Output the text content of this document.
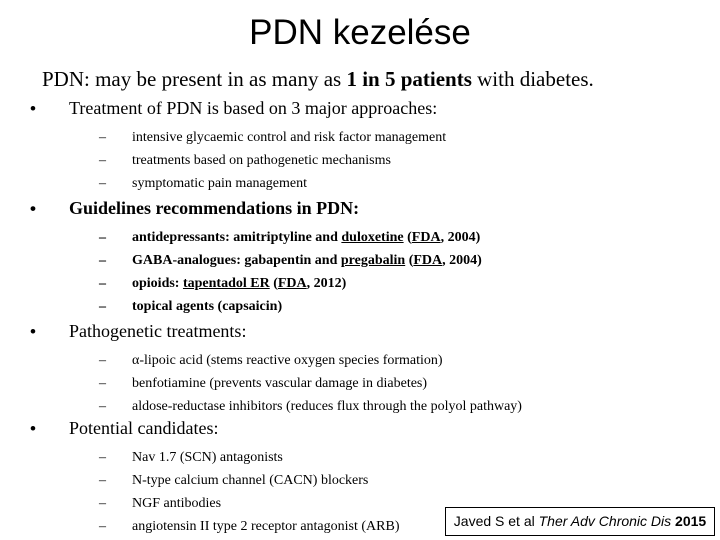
PDN kezelése
PDN: may be present in as many as 1 in 5 patients with diabetes.
•	Treatment of PDN is based on 3 major approaches:
–	intensive glycaemic control and risk factor management
–	treatments based on pathogenetic mechanisms
–	symptomatic pain management
•	Guidelines recommendations in PDN:
–	antidepressants: amitriptyline and duloxetine (FDA, 2004)
–	GABA-analogues: gabapentin and pregabalin (FDA, 2004)
–	opioids: tapentadol ER (FDA, 2012)
–	topical agents (capsaicin)
•	Pathogenetic treatments:
–	α-lipoic acid (stems reactive oxygen species formation)
–	benfotiamine (prevents vascular damage in diabetes)
–	aldose-reductase inhibitors (reduces flux through the polyol pathway)
•	Potential candidates:
–	Nav 1.7 (SCN) antagonists
–	N-type calcium channel (CACN) blockers
–	NGF antibodies
–	angiotensin II type 2 receptor antagonist (ARB)	Javed S et al Ther Adv Chronic Dis 2015
